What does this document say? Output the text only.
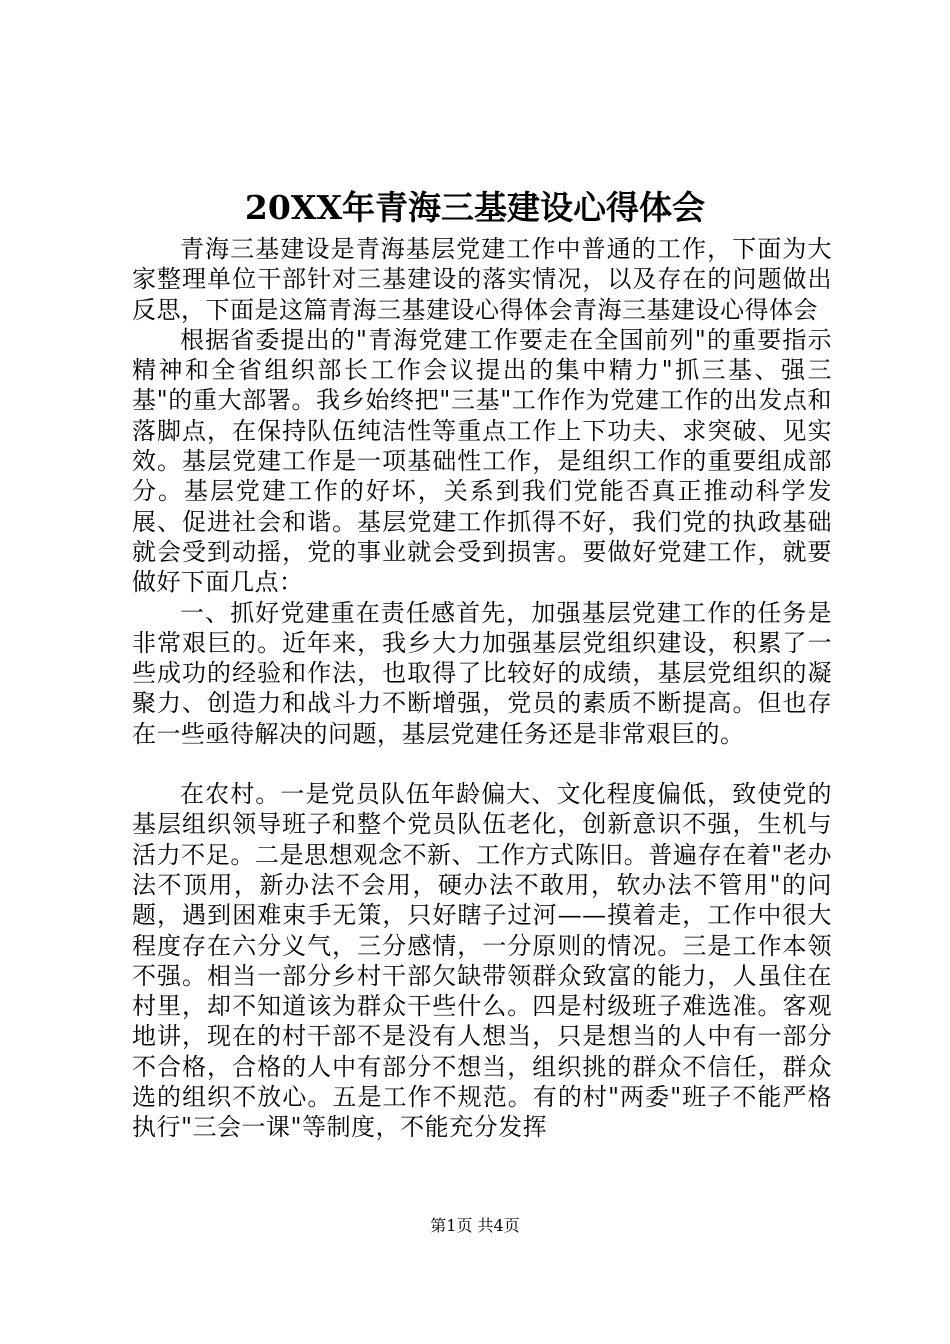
20XX年青海三基建设心得体会

青海三基建设是青海基层党建工作中普通的工作，下面为大家整理单位干部针对三基建设的落实情况，以及存在的问题做出反思，下面是这篇青海三基建设心得体会青海三基建设心得体会

根据省委提出的"青海党建工作要走在全国前列"的重要指示精神和全省组织部长工作会议提出的集中精力"抓三基、强三基"的重大部署。我乡始终把"三基"工作作为党建工作的出发点和落脚点，在保持队伍纯洁性等重点工作上下功夫、求突破、见实效。基层党建工作是一项基础性工作，是组织工作的重要组成部分。基层党建工作的好坏，关系到我们党能否真正推动科学发展、促进社会和谐。基层党建工作抓得不好，我们党的执政基础就会受到动摇，党的事业就会受到损害。要做好党建工作，就要做好下面几点：

一、抓好党建重在责任感首先，加强基层党建工作的任务是非常艰巨的。近年来，我乡大力加强基层党组织建设，积累了一些成功的经验和作法，也取得了比较好的成绩，基层党组织的凝聚力、创造力和战斗力不断增强，党员的素质不断提高。但也存在一些亟待解决的问题，基层党建任务还是非常艰巨的。

在农村。一是党员队伍年龄偏大、文化程度偏低，致使党的基层组织领导班子和整个党员队伍老化，创新意识不强，生机与活力不足。二是思想观念不新、工作方式陈旧。普遍存在着"老办法不顶用，新办法不会用，硬办法不敢用，软办法不管用"的问题，遇到困难束手无策，只好瞎子过河——摸着走，工作中很大程度存在六分义气，三分感情，一分原则的情况。三是工作本领不强。相当一部分乡村干部欠缺带领群众致富的能力，人虽住在村里，却不知道该为群众干些什么。四是村级班子难选准。客观地讲，现在的村干部不是没有人想当，只是想当的人中有一部分不合格，合格的人中有部分不想当，组织挑的群众不信任，群众选的组织不放心。五是工作不规范。有的村"两委"班子不能严格执行"三会一课"等制度，不能充分发挥

第1页 共4页
